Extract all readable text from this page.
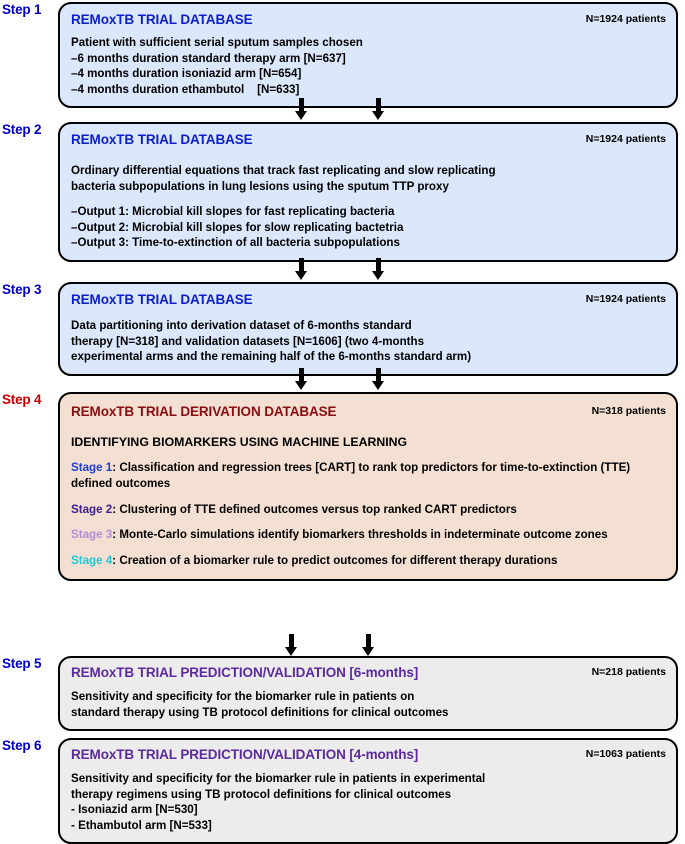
Step 1
REMoxTB TRIAL DATABASE	N=1924 patients
Patient with sufficient serial sputum samples chosen
–6 months duration standard therapy arm [N=637]
–4 months duration isoniazid arm [N=654]
–4 months duration ethambutol    [N=633]
Step 2
REMoxTB TRIAL DATABASE	N=1924 patients
Ordinary differential equations that track fast replicating and slow replicating
bacteria subpopulations in lung lesions using the sputum TTP proxy
–Output 1: Microbial kill slopes for fast replicating bacteria
–Output 2: Microbial kill slopes for slow replicating bactetria
–Output 3: Time-to-extinction of all bacteria subpopulations
Step 3
REMoxTB TRIAL DATABASE	N=1924 patients
Data partitioning into derivation dataset of 6-months standard
therapy [N=318] and validation datasets [N=1606] (two 4-months
experimental arms and the remaining half of the 6-months standard arm)
Step 4
REMoxTB TRIAL DERIVATION DATABASE	N=318 patients
IDENTIFYING BIOMARKERS USING MACHINE LEARNING
Stage 1: Classification and regression trees [CART] to rank top predictors for time-to-extinction (TTE) defined outcomes
Stage 2: Clustering of TTE defined outcomes versus top ranked CART predictors
Stage 3: Monte-Carlo simulations identify biomarkers thresholds in indeterminate outcome zones
Stage 4: Creation of a biomarker rule to predict outcomes for different therapy durations
Step 5
REMoxTB TRIAL PREDICTION/VALIDATION [6-months]	N=218 patients
Sensitivity and specificity for the biomarker rule in patients on
standard therapy using TB protocol definitions for clinical outcomes
Step 6
REMoxTB TRIAL PREDICTION/VALIDATION [4-months]	N=1063 patients
Sensitivity and specificity for the biomarker rule in patients in experimental
therapy regimens using TB protocol definitions for clinical outcomes
- Isoniazid arm [N=530]
- Ethambutol arm [N=533]
